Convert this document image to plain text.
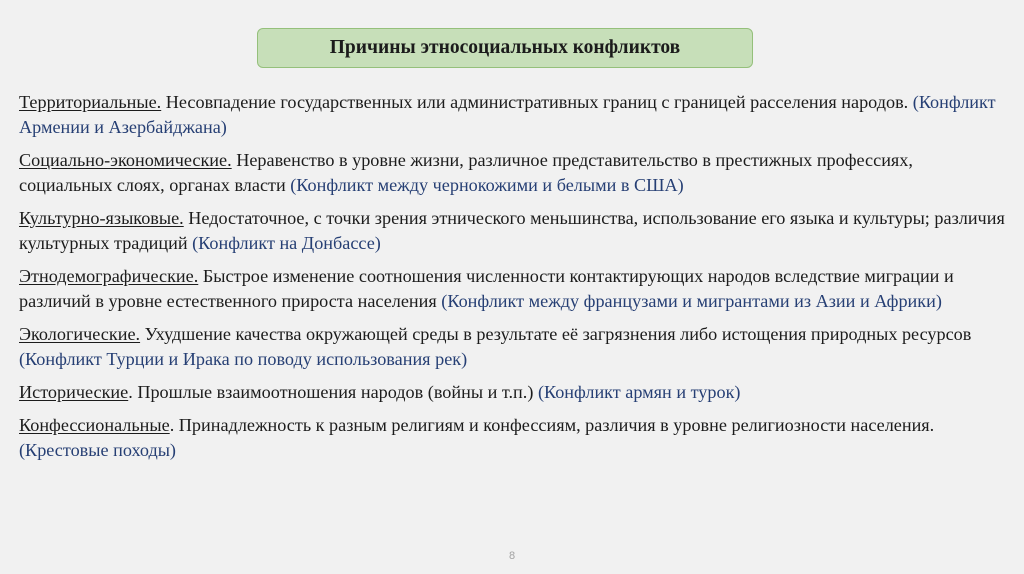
Причины этносоциальных конфликтов

Территориальные. Несовпадение государственных или административных границ с границей расселения народов. (Конфликт Армении и Азербайджана)

Социально-экономические. Неравенство в уровне жизни, различное представительство в престижных профессиях, социальных слоях, органах власти (Конфликт между чернокожими и белыми в США)

Культурно-языковые. Недостаточное, с точки зрения этнического меньшинства, использование его языка и культуры; различия культурных традиций (Конфликт на Донбассе)

Этнодемографические. Быстрое изменение соотношения численности контактирующих народов вследствие миграции и различий в уровне естественного прироста населения (Конфликт между французами и мигрантами из Азии и Африки)

Экологические. Ухудшение качества окружающей среды в результате её загрязнения либо истощения природных ресурсов (Конфликт Турции и Ирака по поводу использования рек)

Исторические. Прошлые взаимоотношения народов (войны и т.п.) (Конфликт армян и турок)

Конфессиональные. Принадлежность к разным религиям и конфессиям, различия в уровне религиозности населения. (Крестовые походы)

8
